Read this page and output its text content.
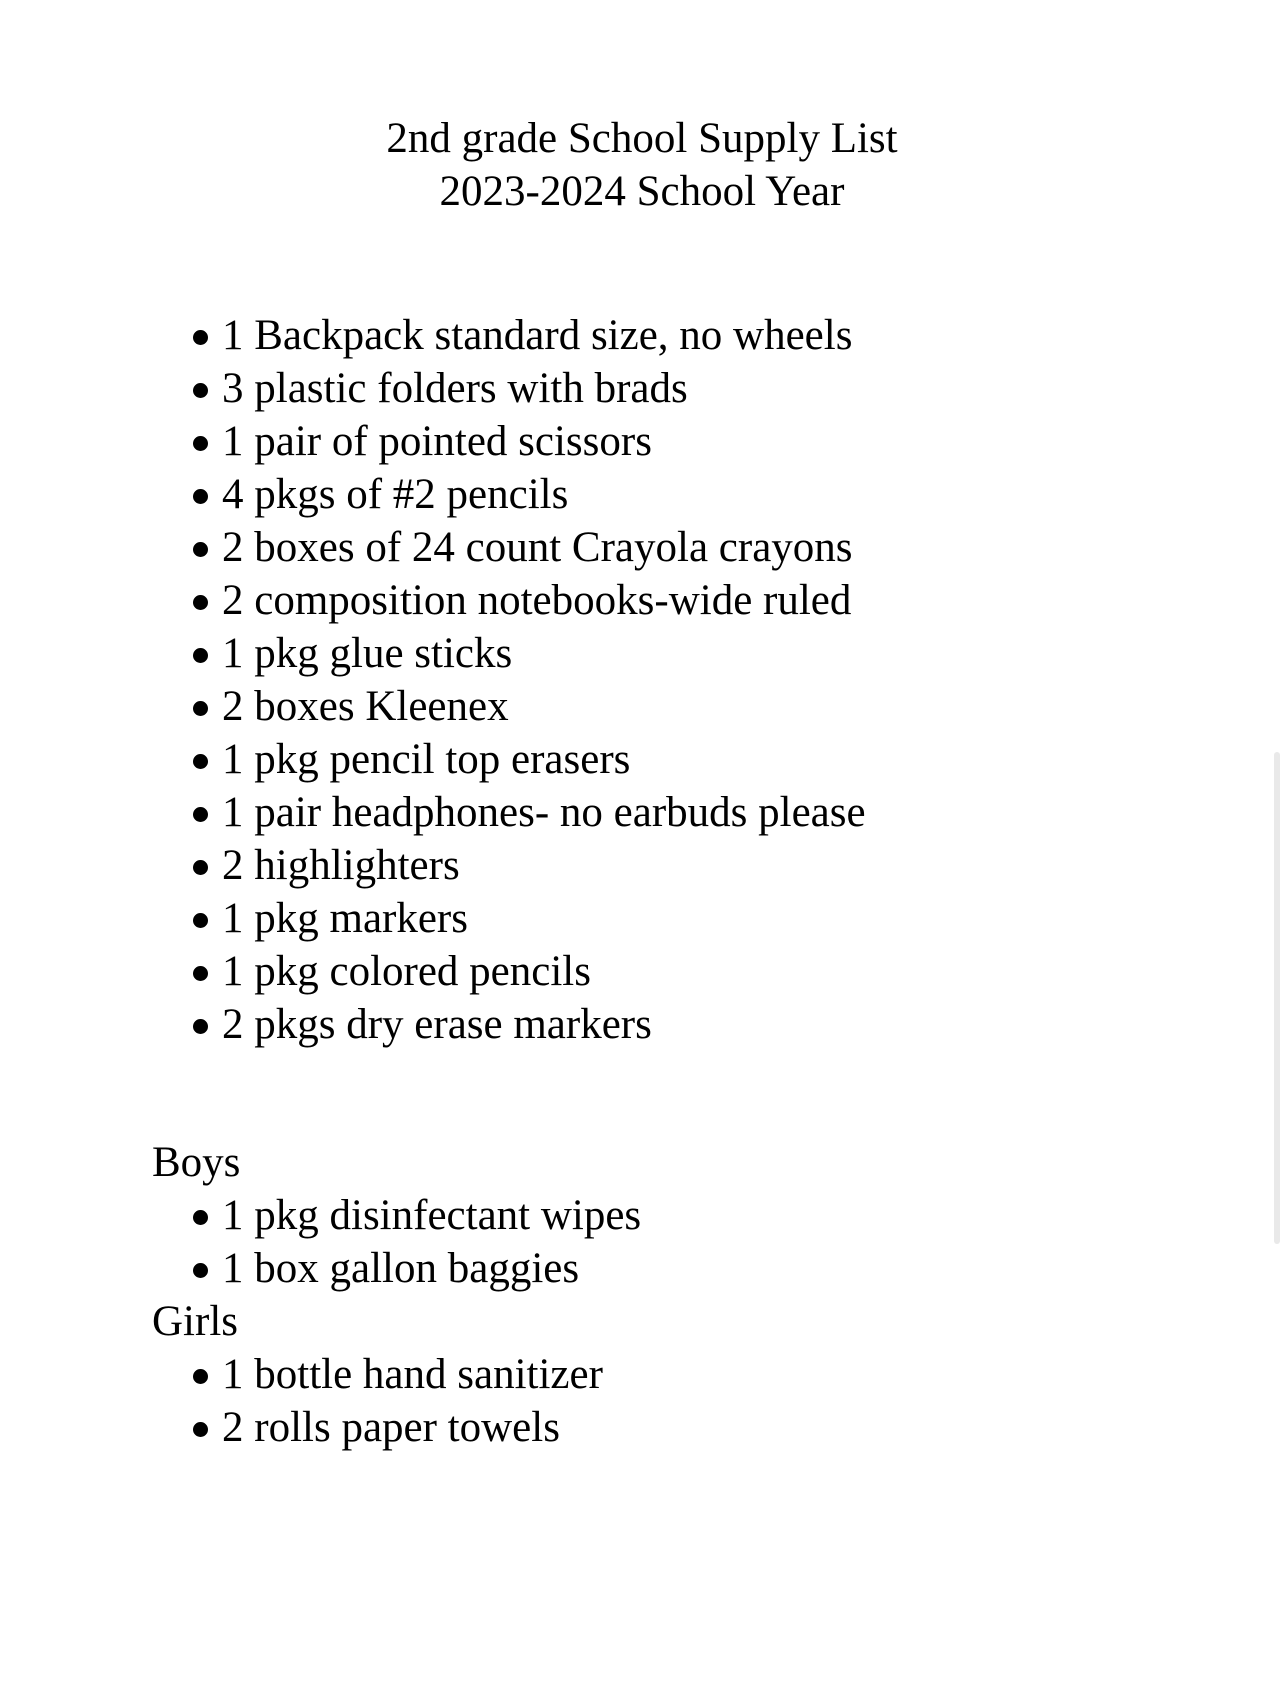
2nd grade School Supply List
2023-2024 School Year
1 Backpack standard size, no wheels
3 plastic folders with brads
1 pair of pointed scissors
4 pkgs of #2 pencils
2 boxes of 24 count Crayola crayons
2 composition notebooks-wide ruled
1 pkg glue sticks
2 boxes Kleenex
1 pkg pencil top erasers
1 pair headphones- no earbuds please
2 highlighters
1 pkg markers
1 pkg colored pencils
2 pkgs dry erase markers
Boys
1 pkg disinfectant wipes
1 box gallon baggies
Girls
1 bottle hand sanitizer
2 rolls paper towels
